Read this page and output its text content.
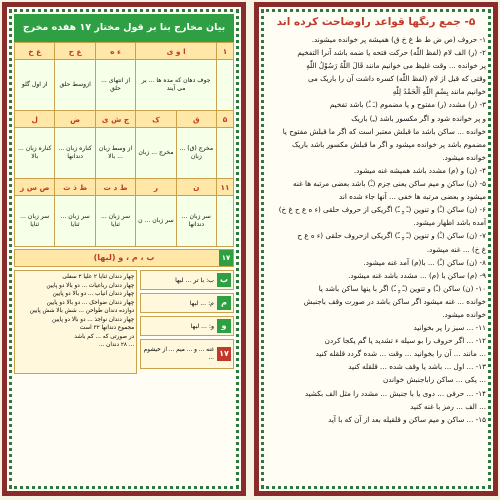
بیان مخارج بنا بر قول مختار ۱۷ هفده مخرج
۱	ا و ی		ء ه	ع ح	غ خ
	جوف دهان که مده ها ... بر می آیند		از انتهای ... حلق	ازوسط حلق	از اول گلو
۵	ق	ک	ج ش ی	ض	ل
	مخرج (ق) ... زبان	مخرج ... زبان	از وسط زبان ... بالا	کناره زبان ... دندانها	کناره زبان ... بالا
۱۱	ن	ر	ط د ت	ظ ذ ث	ص س ز
	سر زبان ... دندانها	سر زبان ... ن	سر زبان ... ثنایا	سر زبان ... ثنایا	سر زبان ... ثنایا
۱۷
ب ، م ، و (لبها)
ب
ب: با تر ... لبها
م
م: ... لبها
و
و: ... لبها
۱۷
غنه ... و ... میم ... از خیشوم ...
چهار دندان ثنایا ۲ علیا ۲ سفلی
چهار دندان رباعیات ... دو بالا دو پایین
چهار دندان انیاب ... دو بالا دو پایین
چهار دندان ضواحک ... دو بالا دو پایین
دوازده دندان طواحن ... شش بالا شش پایین
چهار دندان نواجذ ... دو بالا دو پایین
مجموع دندانها ۳۲ است
در صورتی که ... کم باشد
... ۲۸ دندان ...
۵- جمع رنگها قواعد راوضاحت کرده اند
۱- حروف (ص ض ط ظ غ خ ق) همیشه پر خوانده میشوند.
۲- (ر) الف لام (لفظ اللّٰه) حرکت فتحه یا ضمه باشد آنرا التفخیم
پر خوانده ... وقت غلیظ می خوانیم مانند قَالَ اللّٰهُ رَسُوْلُ اللّٰهِ
وقتی که قبل از لام (لفظ اللّٰه) کسره داشت آن را باریک می
خوانیم مانند بِسْمِ اللّٰهِ اَلْحَمْدُ لِلّٰهِ
۳- (ر) مشدد (ر) مفتوح و یا مضموم (ـَ ـُ) باشد تفخیم
و پر خوانده شود و اگر مکسور باشد (ـِ) باریک
خوانده ... ساکن باشد ما قبلش معتبر است که اگر ما قبلش مفتوح یا
مضموم باشد پر خوانده میشود و اگر ما قبلش مکسور باشد باریک
خوانده میشود.
۴- (ن) و (م) مشدد باشد همیشه غنه میشود.
۵- (ن) ساکن و میم ساکن یعنی جزم (ـْ) باشد بعضی مرتبه ها غنه
میشود و بعضی مرتبه ها خفی ... آنها جاء شده اند
۶- (ن) ساکن (ـْ) و تنوین (ـً ـٍ ـٌ) اگریکی از حروف حلقی (ء ه ع ح غ خ)
آمده باشد اظهار میشود.
۷- (ن) ساکن (ـْ) و تنوین (ـً ـٍ ـٌ) اگریکی ازحروف حلقی (ء ه ع ح
غ خ) ... غنه میشود.
۸- (ن) ساکن (ـْ) ... با(م) آمد غنه میشود.
۹- (م) ساکن با (م) ... مشدد باشد غنه میشود.
۱۰- (ن) ساکن (ـْ) و تنوین (ـً ـٍ ـٌ) اگر با ینها ساکن باشد یا
خوانده ... غنه میشود اگر ساکن باشد در صورت وقف باجنبش
خوانده میشود.
۱۱- ... سبز را پر بخوانید
۱۲- ... اگر حروف را بو سیله ء تشدید یا گم یکجا کردن
... مانند ... آن را بخوانید ... وقت ... شده گردد قلقله کنید
۱۳- ... اول ... باشد یا وقف شده ... قلقله کنید
... یکی ... ساکن راباجنبش خواندن
۱۴- ... حرفی ... دوی یا با جنبش ... مشدد را مثل الف بکشید
... الف ... رمز با غنه کنید
۱۵- ... ساکن و میم ساکن و قلقیله بعد از آن که با آید
